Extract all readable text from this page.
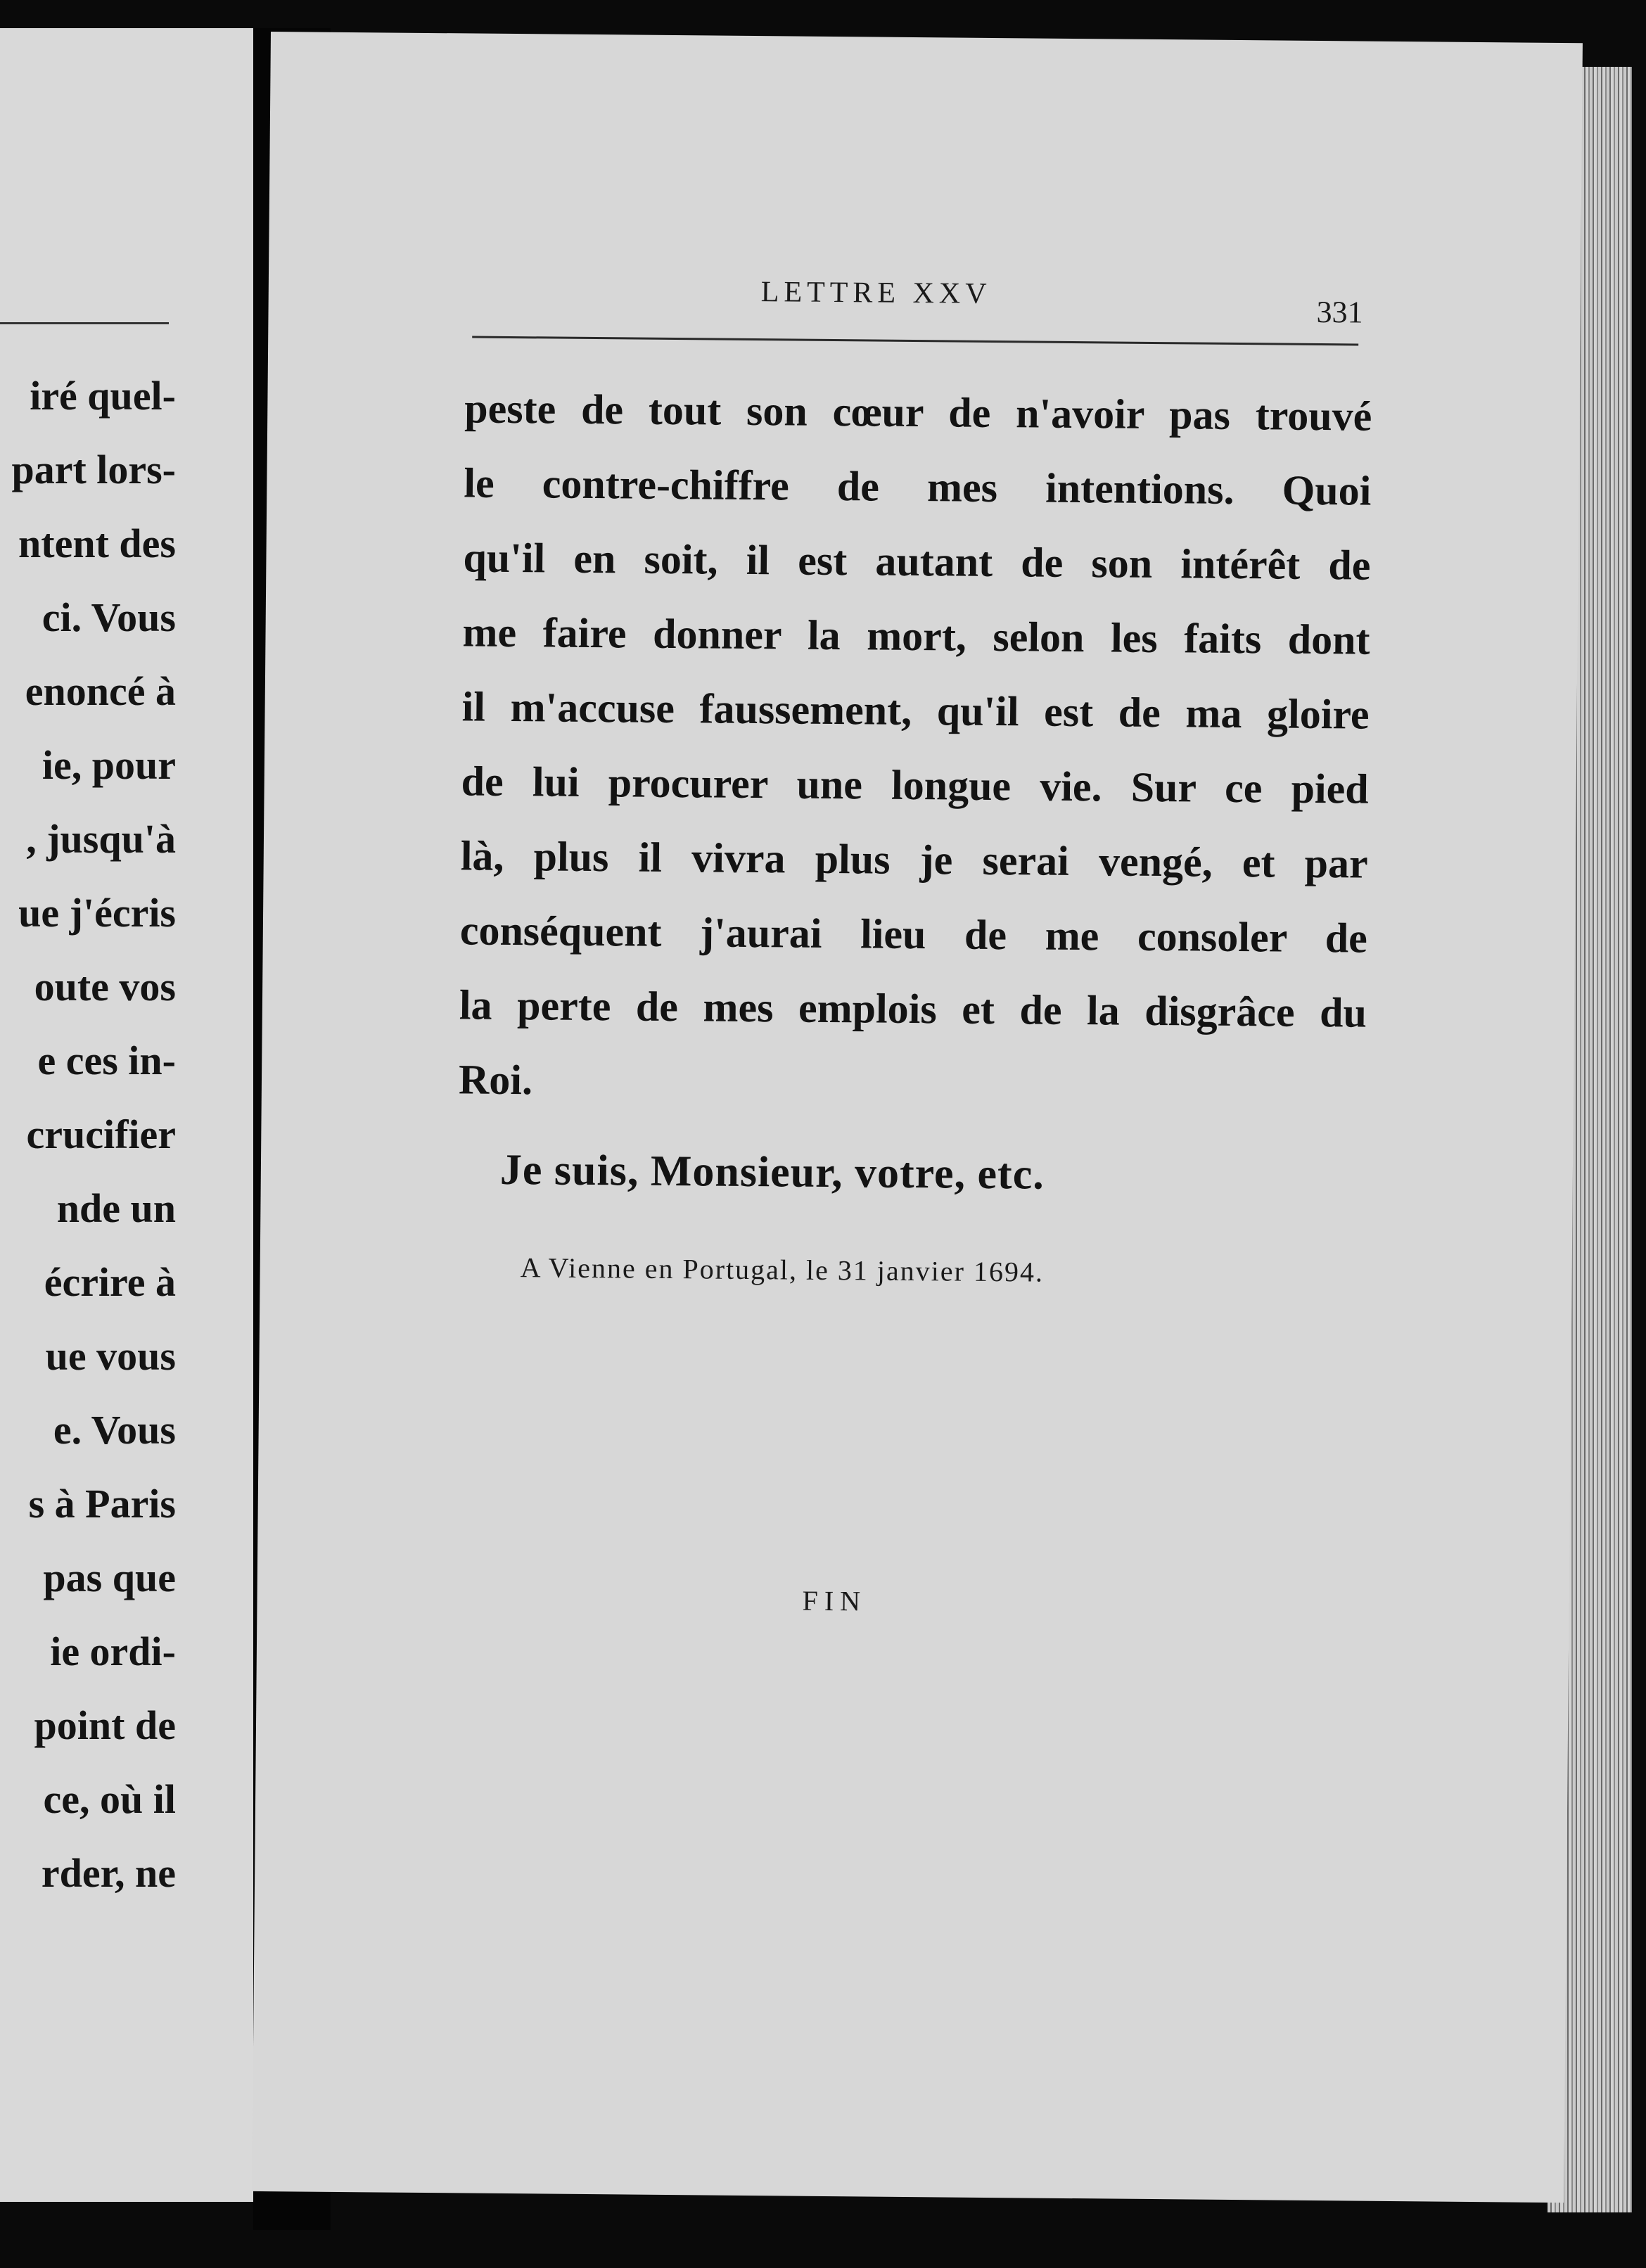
iré quel-
part lors-
ntent des
ci. Vous
enoncé à
ie, pour
, jusqu'à
ue j'écris
oute vos
e ces in-
crucifier
nde un
écrire à
ue vous
e. Vous
s à Paris
pas que
ie ordi-
point de
ce, où il
rder, ne
LETTRE XXV
331
peste de tout son cœur de n'avoir pas trouvé
le contre-chiffre de mes intentions. Quoi
qu'il en soit, il est autant de son intérêt de
me faire donner la mort, selon les faits dont
il m'accuse faussement, qu'il est de ma gloire
de lui procurer une longue vie. Sur ce pied
là, plus il vivra plus je serai vengé, et par
conséquent j'aurai lieu de me consoler de
la perte de mes emplois et de la disgrâce du
Roi.
Je suis, Monsieur, votre, etc.
A Vienne en Portugal, le 31 janvier 1694.
FIN
